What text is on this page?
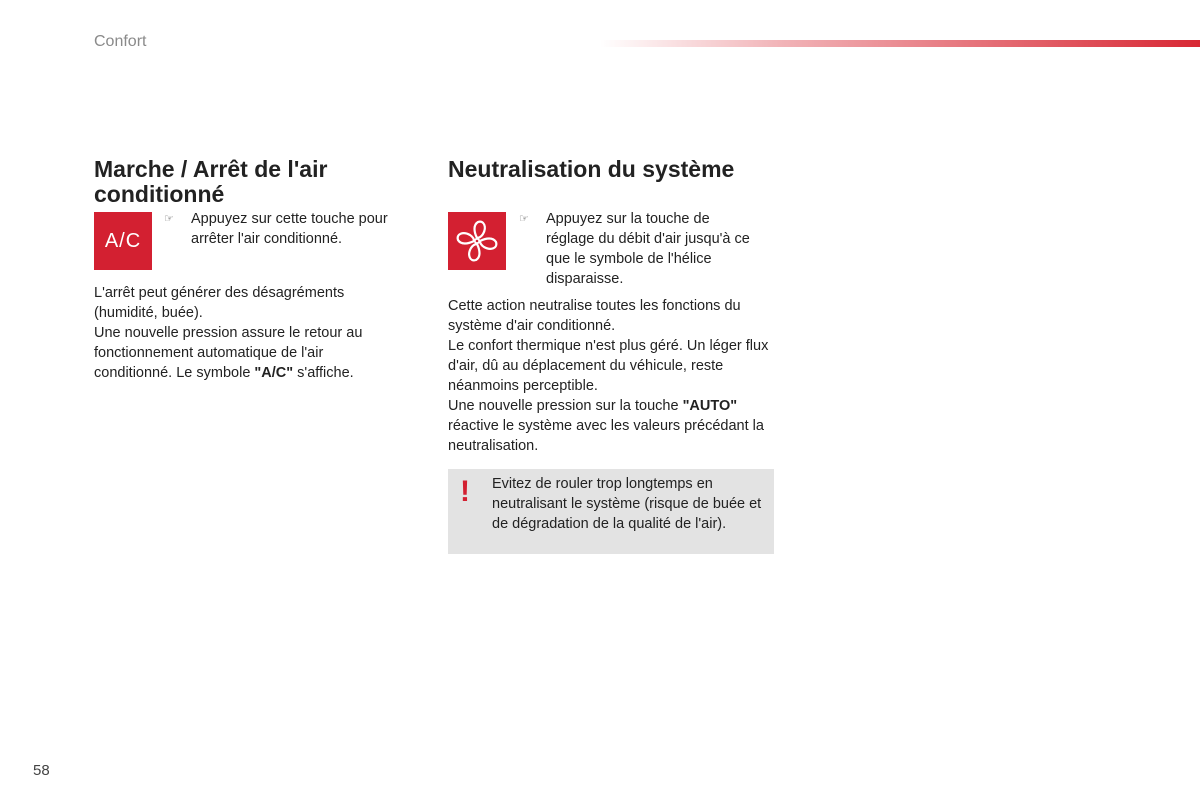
Confort
Marche / Arrêt de l'air conditionné
A/C
☞ Appuyez sur cette touche pour arrêter l'air conditionné.

L'arrêt peut générer des désagréments (humidité, buée).
Une nouvelle pression assure le retour au fonctionnement automatique de l'air conditionné. Le symbole "A/C" s'affiche.

Neutralisation du système
☞ Appuyez sur la touche de réglage du débit d'air jusqu'à ce que le symbole de l'hélice disparaisse.

Cette action neutralise toutes les fonctions du système d'air conditionné.
Le confort thermique n'est plus géré. Un léger flux d'air, dû au déplacement du véhicule, reste néanmoins perceptible.
Une nouvelle pression sur la touche "AUTO" réactive le système avec les valeurs précédant la neutralisation.

! Evitez de rouler trop longtemps en neutralisant le système (risque de buée et de dégradation de la qualité de l'air).
58
